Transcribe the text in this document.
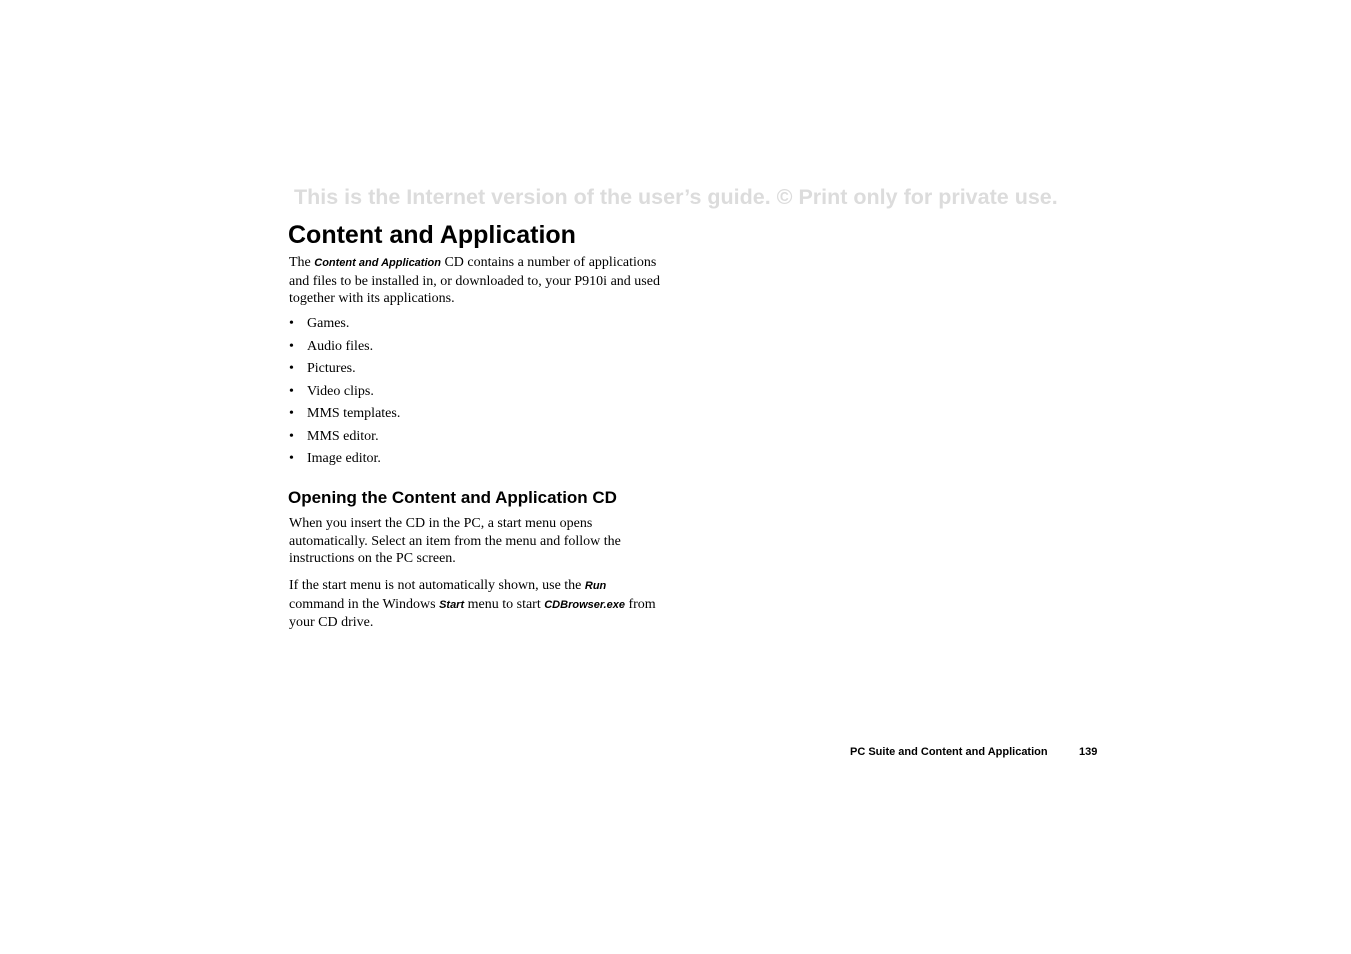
This is the Internet version of the user’s guide. © Print only for private use.
Content and Application

The Content and Application CD contains a number of applications and files to be installed in, or downloaded to, your P910i and used together with its applications.

• Games.
• Audio files.
• Pictures.
• Video clips.
• MMS templates.
• MMS editor.
• Image editor.
Opening the Content and Application CD

When you insert the CD in the PC, a start menu opens automatically. Select an item from the menu and follow the instructions on the PC screen.

If the start menu is not automatically shown, use the Run command in the Windows Start menu to start CDBrowser.exe from your CD drive.

PC Suite and Content and Application	139
